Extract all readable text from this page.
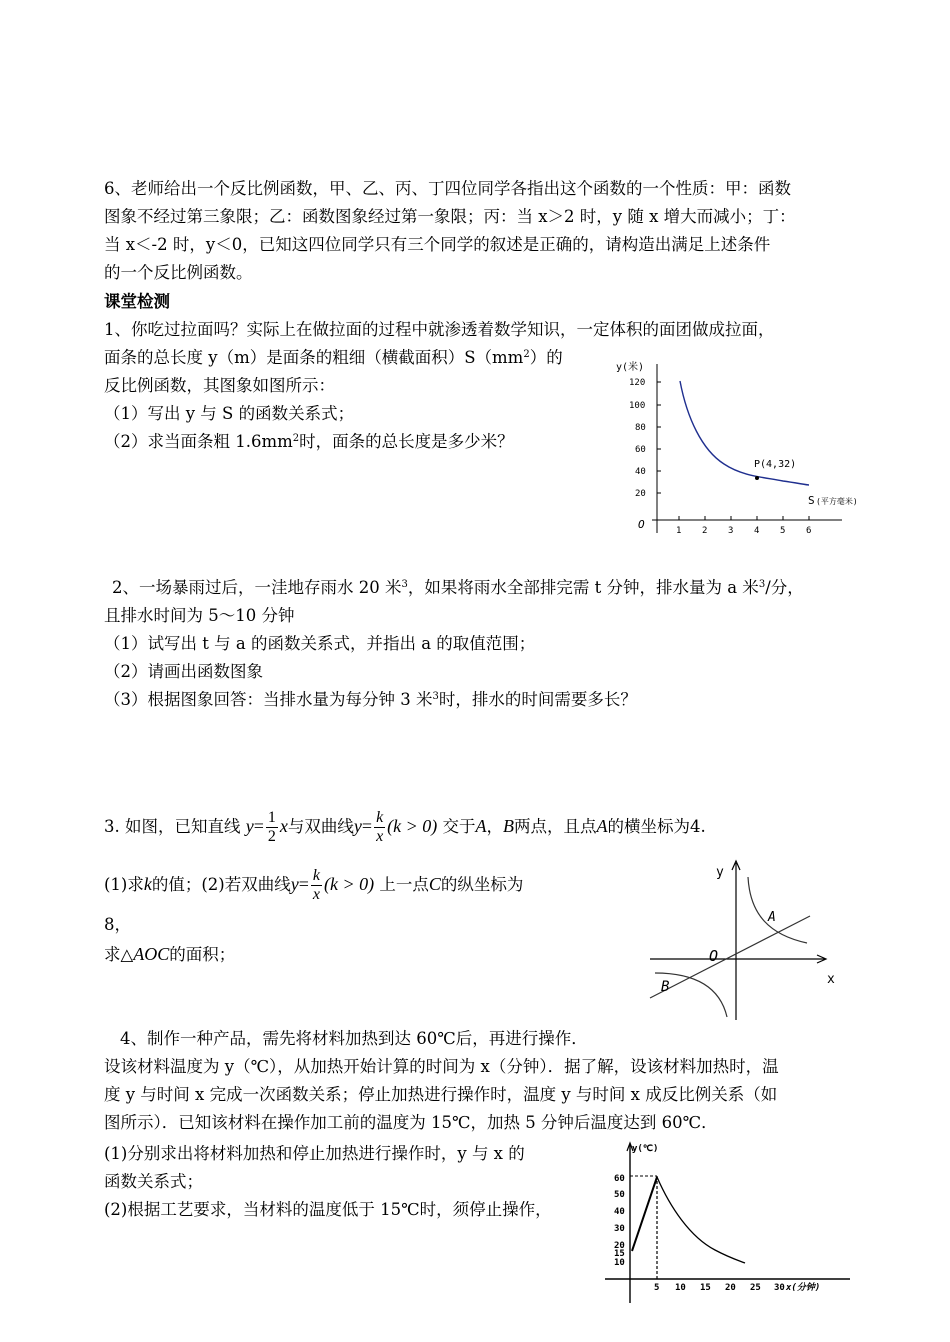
6、老师给出一个反比例函数，甲、乙、丙、丁四位同学各指出这个函数的一个性质：甲：函数
图象不经过第三象限；乙：函数图象经过第一象限；丙：当 x＞2 时，y 随 x 增大而减小；丁：
当 x＜-2 时，y＜0，已知这四位同学只有三个同学的叙述是正确的，请构造出满足上述条件
的一个反比例函数。
课堂检测
1、你吃过拉面吗？实际上在做拉面的过程中就渗透着数学知识，一定体积的面团做成拉面，
面条的总长度 y（m）是面条的粗细（横截面积）$S(mm^2)$的
反比例函数，其图象如图所示：
（1）写出 y 与 S 的函数关系式；
（2）求当面条粗 $1.6mm^2$时，面条的总长度是多少米？
y(米)
120
100
80
60
40
20
O	1 2 3 4 5 6
P(4,32)
S (平方毫米)
2、一场暴雨过后，一洼地存雨水 20 米$^3$，如果将雨水全部排完需 t 分钟，排水量为 a 米$^3$/分，
且排水时间为 5～10 分钟
（1）试写出 t 与 a 的函数关系式，并指出 a 的取值范围；
（2）请画出函数图象
（3）根据图象回答：当排水量为每分钟 3 米$^3$时，排水的时间需要多长？
3. 如图，已知直线 $y= \frac{1}{2}$ x与双曲线$y= \frac{k}{x} (k > 0)$ 交于A，B两点，且点A的横坐标为4.
(1)求k的值；(2)若双曲线$y= \frac{k}{x} (k > 0)$ 上一点C的纵坐标为
8，
求△AOC的面积；
y
x
O
A
B
4、制作一种产品，需先将材料加热到达 60℃后，再进行操作．
设该材料温度为 y（℃），从加热开始计算的时间为 x（分钟）．据了解，设该材料加热时，温
度 y 与时间 x 完成一次函数关系；停止加热进行操作时，温度 y 与时间 x 成反比例关系（如
图所示）．已知该材料在操作加工前的温度为 15℃，加热 5 分钟后温度达到 60℃．
(1)分别求出将材料加热和停止加热进行操作时，y 与 x 的
函数关系式；
(2)根据工艺要求，当材料的温度低于 15℃时，须停止操作，
y(℃)
60
50
40
30
20
15
10
5 10 15 20 25 30 x(分钟)
